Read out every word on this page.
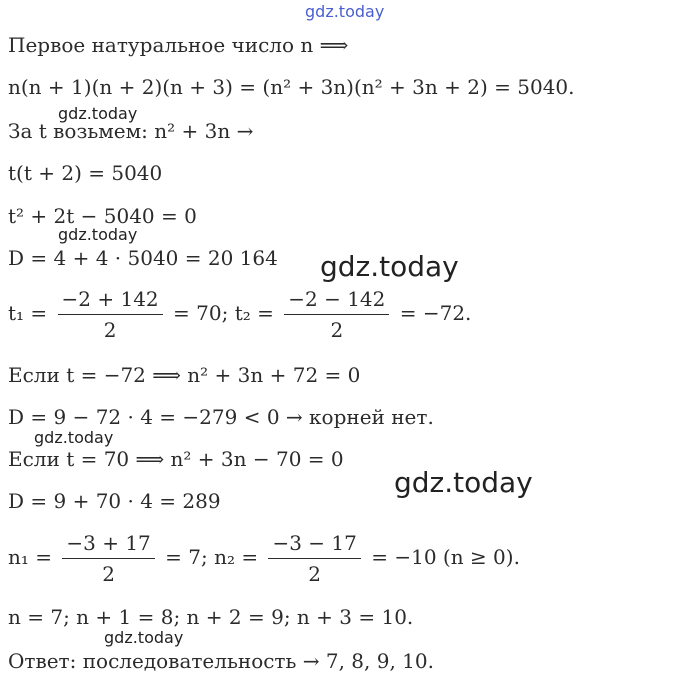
gdz.today
Первое натуральное число n ⟹
n(n + 1)(n + 2)(n + 3) = (n² + 3n)(n² + 3n + 2) = 5040.
gdz.today
За t возьмем: n² + 3n →
t(t + 2) = 5040
t² + 2t − 5040 = 0
gdz.today
D = 4 + 4 · 5040 = 20 164 gdz.today
$t_1 = \frac{-2 + 142}{2} = 70$; $t_2 = \frac{-2 - 142}{2} = -72$.
Если t = −72 ⟹ n² + 3n + 72 = 0
D = 9 − 72 · 4 = −279 < 0 → корней нет.
gdz.today
Если t = 70 ⟹ n² + 3n − 70 = 0
gdz.today
D = 9 + 70 · 4 = 289
$n_1 = \frac{-3 + 17}{2} = 7$; $n_2 = \frac{-3 - 17}{2} = -10$ (n ≥ 0).
n = 7; n + 1 = 8; n + 2 = 9; n + 3 = 10.
gdz.today
Ответ: последовательность → 7, 8, 9, 10.
